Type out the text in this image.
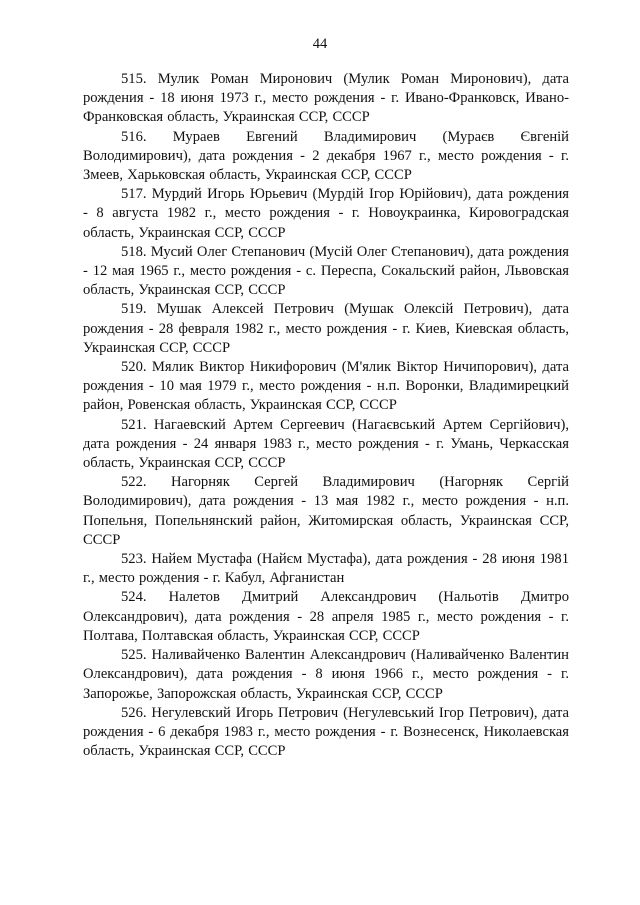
44

515. Мулик Роман Миронович (Мулик Роман Миронович), дата рождения - 18 июня 1973 г., место рождения - г. Ивано-Франковск, Ивано-Франковская область, Украинская ССР, СССР

516. Мураев Евгений Владимирович (Мураєв Євгеній Володимирович), дата рождения - 2 декабря 1967 г., место рождения - г. Змеев, Харьковская область, Украинская ССР, СССР

517. Мурдий Игорь Юрьевич (Мурдій Ігор Юрійович), дата рождения - 8 августа 1982 г., место рождения - г. Новоукраинка, Кировоградская область, Украинская ССР, СССР

518. Мусий Олег Степанович (Мусій Олег Степанович), дата рождения - 12 мая 1965 г., место рождения - с. Переспа, Сокальский район, Львовская область, Украинская ССР, СССР

519. Мушак Алексей Петрович (Мушак Олексій Петрович), дата рождения - 28 февраля 1982 г., место рождения - г. Киев, Киевская область, Украинская ССР, СССР

520. Мялик Виктор Никифорович (М'ялик Віктор Ничипорович), дата рождения - 10 мая 1979 г., место рождения - н.п. Воронки, Владимирецкий район, Ровенская область, Украинская ССР, СССР

521. Нагаевский Артем Сергеевич (Нагаєвський Артем Сергійович), дата рождения - 24 января 1983 г., место рождения - г. Умань, Черкасская область, Украинская ССР, СССР

522. Нагорняк Сергей Владимирович (Нагорняк Сергій Володимирович), дата рождения - 13 мая 1982 г., место рождения - н.п. Попельня, Попельнянский район, Житомирская область, Украинская ССР, СССР

523. Найем Мустафа (Найєм Мустафа), дата рождения - 28 июня 1981 г., место рождения - г. Кабул, Афганистан

524. Налетов Дмитрий Александрович (Нальотів Дмитро Олександрович), дата рождения - 28 апреля 1985 г., место рождения - г. Полтава, Полтавская область, Украинская ССР, СССР

525. Наливайченко Валентин Александрович (Наливайченко Валентин Олександрович), дата рождения - 8 июня 1966 г., место рождения - г. Запорожье, Запорожская область, Украинская ССР, СССР

526. Негулевский Игорь Петрович (Негулевський Ігор Петрович), дата рождения - 6 декабря 1983 г., место рождения - г. Вознесенск, Николаевская область, Украинская ССР, СССР
